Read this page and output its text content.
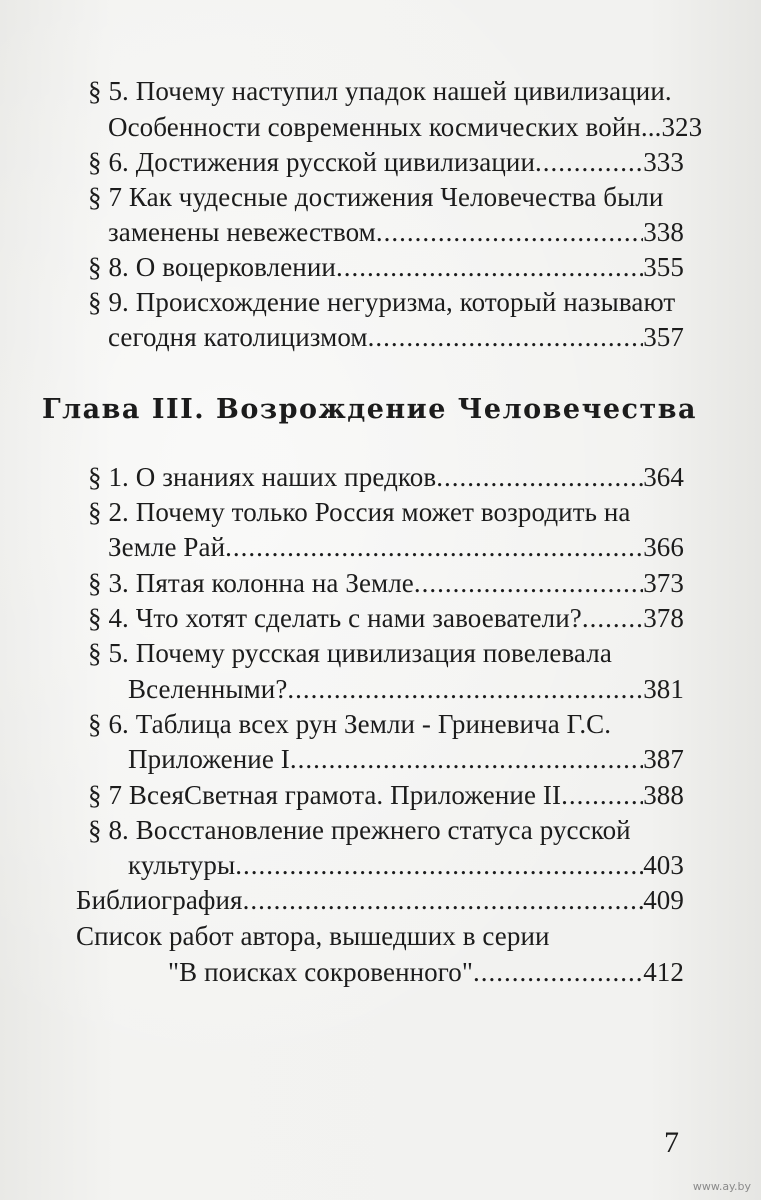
§ 5. Почему наступил упадок нашей цивилизации.
Особенности современных космических войн...323
§ 6. Достижения русской цивилизации .....	333
§ 7 Как чудесные достижения Человечества были
заменены невежеством .....	338
§ 8. О воцерковлении .....	355
§ 9. Происхождение негуризма, который называют
сегодня католицизмом .....	357
Глава III. Возрождение Человечества
§ 1. О знаниях наших предков .....	364
§ 2. Почему только Россия может возродить на
Земле Рай .....	366
§ 3. Пятая колонна на Земле .....	373
§ 4. Что хотят сделать с нами завоеватели? ..... 378
§ 5. Почему русская цивилизация повелевала
Вселенными? .....	381
§ 6. Таблица всех рун Земли - Гриневича Г.С.
Приложение I .....	387
§ 7 ВсеяСветная грамота. Приложение II .....	388
§ 8. Восстановление прежнего статуса русской
культуры .....	403
Библиография .....	409
Список работ автора, вышедших в серии
"В поисках сокровенного" .....	412
7
www.ay.by
